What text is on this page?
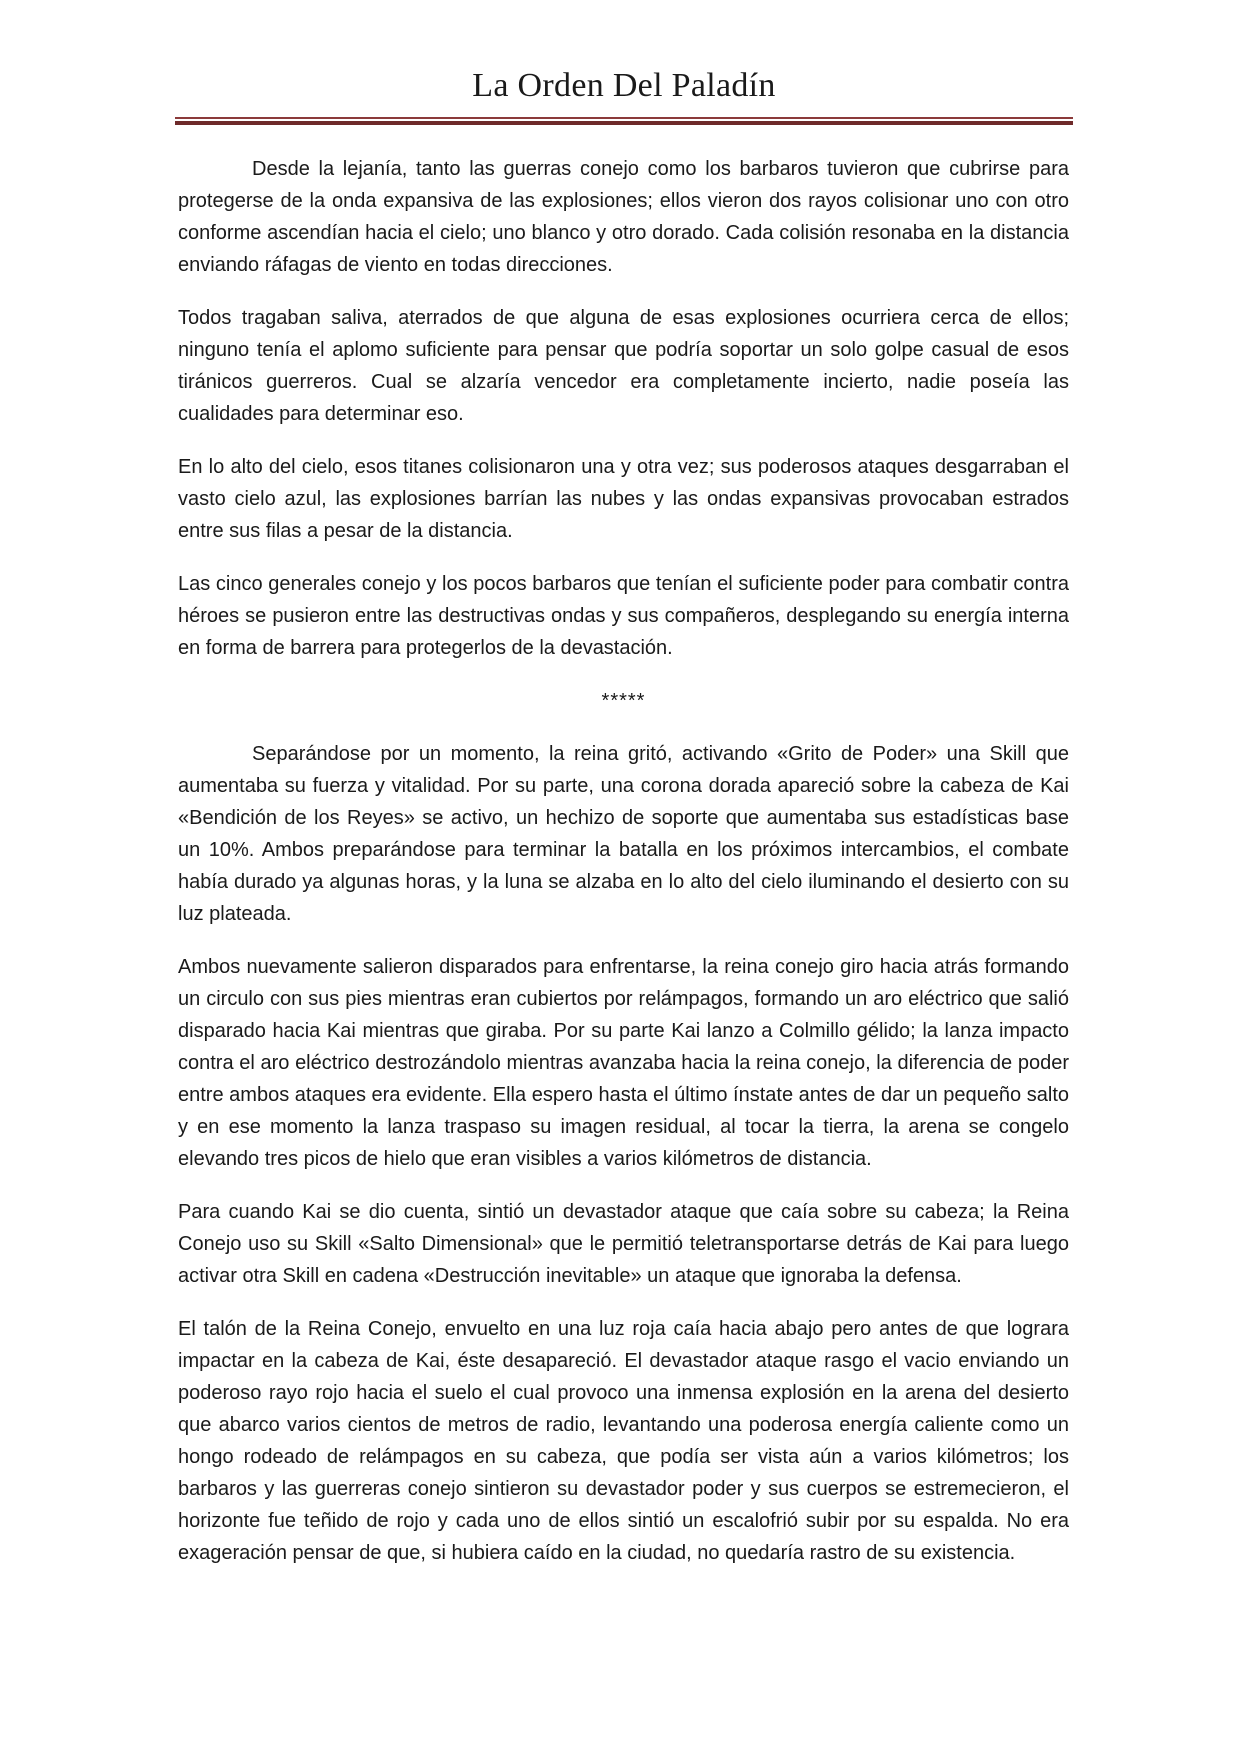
La Orden Del Paladín

Desde la lejanía, tanto las guerras conejo como los barbaros tuvieron que cubrirse para protegerse de la onda expansiva de las explosiones; ellos vieron dos rayos colisionar uno con otro conforme ascendían hacia el cielo; uno blanco y otro dorado. Cada colisión resonaba en la distancia enviando ráfagas de viento en todas direcciones.

Todos tragaban saliva, aterrados de que alguna de esas explosiones ocurriera cerca de ellos; ninguno tenía el aplomo suficiente para pensar que podría soportar un solo golpe casual de esos tiránicos guerreros. Cual se alzaría vencedor era completamente incierto, nadie poseía las cualidades para determinar eso.

En lo alto del cielo, esos titanes colisionaron una y otra vez; sus poderosos ataques desgarraban el vasto cielo azul, las explosiones barrían las nubes y las ondas expansivas provocaban estrados entre sus filas a pesar de la distancia.

Las cinco generales conejo y los pocos barbaros que tenían el suficiente poder para combatir contra héroes se pusieron entre las destructivas ondas y sus compañeros, desplegando su energía interna en forma de barrera para protegerlos de la devastación.

*****

Separándose por un momento, la reina gritó, activando «Grito de Poder» una Skill que aumentaba su fuerza y vitalidad. Por su parte, una corona dorada apareció sobre la cabeza de Kai «Bendición de los Reyes» se activo, un hechizo de soporte que aumentaba sus estadísticas base un 10%. Ambos preparándose para terminar la batalla en los próximos intercambios, el combate había durado ya algunas horas, y la luna se alzaba en lo alto del cielo iluminando el desierto con su luz plateada.

Ambos nuevamente salieron disparados para enfrentarse, la reina conejo giro hacia atrás formando un circulo con sus pies mientras eran cubiertos por relámpagos, formando un aro eléctrico que salió disparado hacia Kai mientras que giraba. Por su parte Kai lanzo a Colmillo gélido; la lanza impacto contra el aro eléctrico destrozándolo mientras avanzaba hacia la reina conejo, la diferencia de poder entre ambos ataques era evidente. Ella espero hasta el último ínstate antes de dar un pequeño salto y en ese momento la lanza traspaso su imagen residual, al tocar la tierra, la arena se congelo elevando tres picos de hielo que eran visibles a varios kilómetros de distancia.

Para cuando Kai se dio cuenta, sintió un devastador ataque que caía sobre su cabeza; la Reina Conejo uso su Skill «Salto Dimensional» que le permitió teletransportarse detrás de Kai para luego activar otra Skill en cadena «Destrucción inevitable» un ataque que ignoraba la defensa.

El talón de la Reina Conejo, envuelto en una luz roja caía hacia abajo pero antes de que lograra impactar en la cabeza de Kai, éste desapareció. El devastador ataque rasgo el vacio enviando un poderoso rayo rojo hacia el suelo el cual provoco una inmensa explosión en la arena del desierto que abarco varios cientos de metros de radio, levantando una poderosa energía caliente como un hongo rodeado de relámpagos en su cabeza, que podía ser vista aún a varios kilómetros; los barbaros y las guerreras conejo sintieron su devastador poder y sus cuerpos se estremecieron, el horizonte fue teñido de rojo y cada uno de ellos sintió un escalofrió subir por su espalda. No era exageración pensar de que, si hubiera caído en la ciudad, no quedaría rastro de su existencia.
